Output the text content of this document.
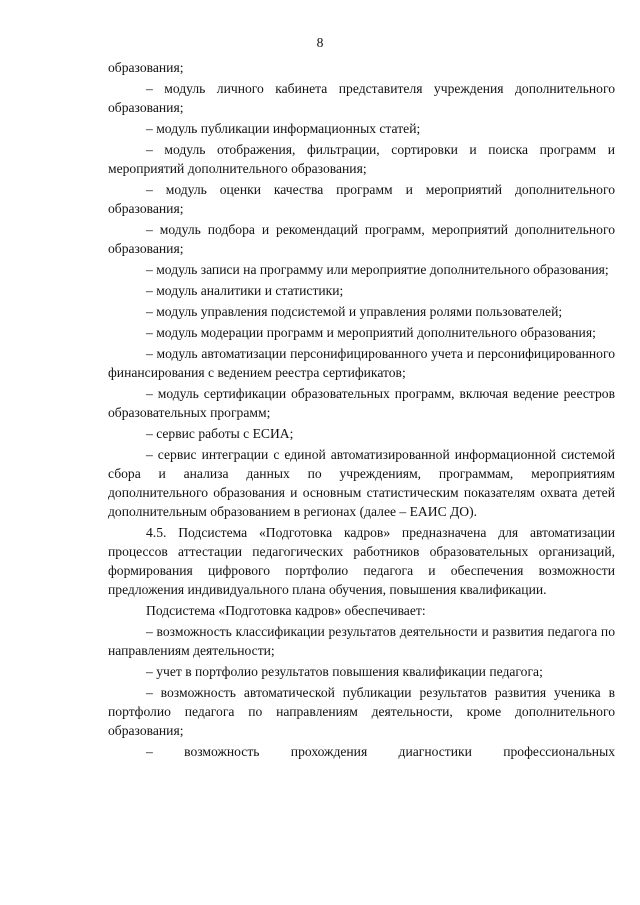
8

образования;

– модуль личного кабинета представителя учреждения дополнительного образования;

– модуль публикации информационных статей;

– модуль отображения, фильтрации, сортировки и поиска программ и мероприятий дополнительного образования;

– модуль оценки качества программ и мероприятий дополнительного образования;

– модуль подбора и рекомендаций программ, мероприятий дополнительного образования;

– модуль записи на программу или мероприятие дополнительного образования;

– модуль аналитики и статистики;

– модуль управления подсистемой и управления ролями пользователей;

– модуль модерации программ и мероприятий дополнительного образования;

– модуль автоматизации персонифицированного учета и персонифицированного финансирования с ведением реестра сертификатов;

– модуль сертификации образовательных программ, включая ведение реестров образовательных программ;

– сервис работы с ЕСИА;

– сервис интеграции с единой автоматизированной информационной системой сбора и анализа данных по учреждениям, программам, мероприятиям дополнительного образования и основным статистическим показателям охвата детей дополнительным образованием в регионах (далее – ЕАИС ДО).

4.5. Подсистема «Подготовка кадров» предназначена для автоматизации процессов аттестации педагогических работников образовательных организаций, формирования цифрового портфолио педагога и обеспечения возможности предложения индивидуального плана обучения, повышения квалификации.

Подсистема «Подготовка кадров» обеспечивает:

– возможность классификации результатов деятельности и развития педагога по направлениям деятельности;

– учет в портфолио результатов повышения квалификации педагога;

– возможность автоматической публикации результатов развития ученика в портфолио педагога по направлениям деятельности, кроме дополнительного образования;

– возможность прохождения диагностики профессиональных
